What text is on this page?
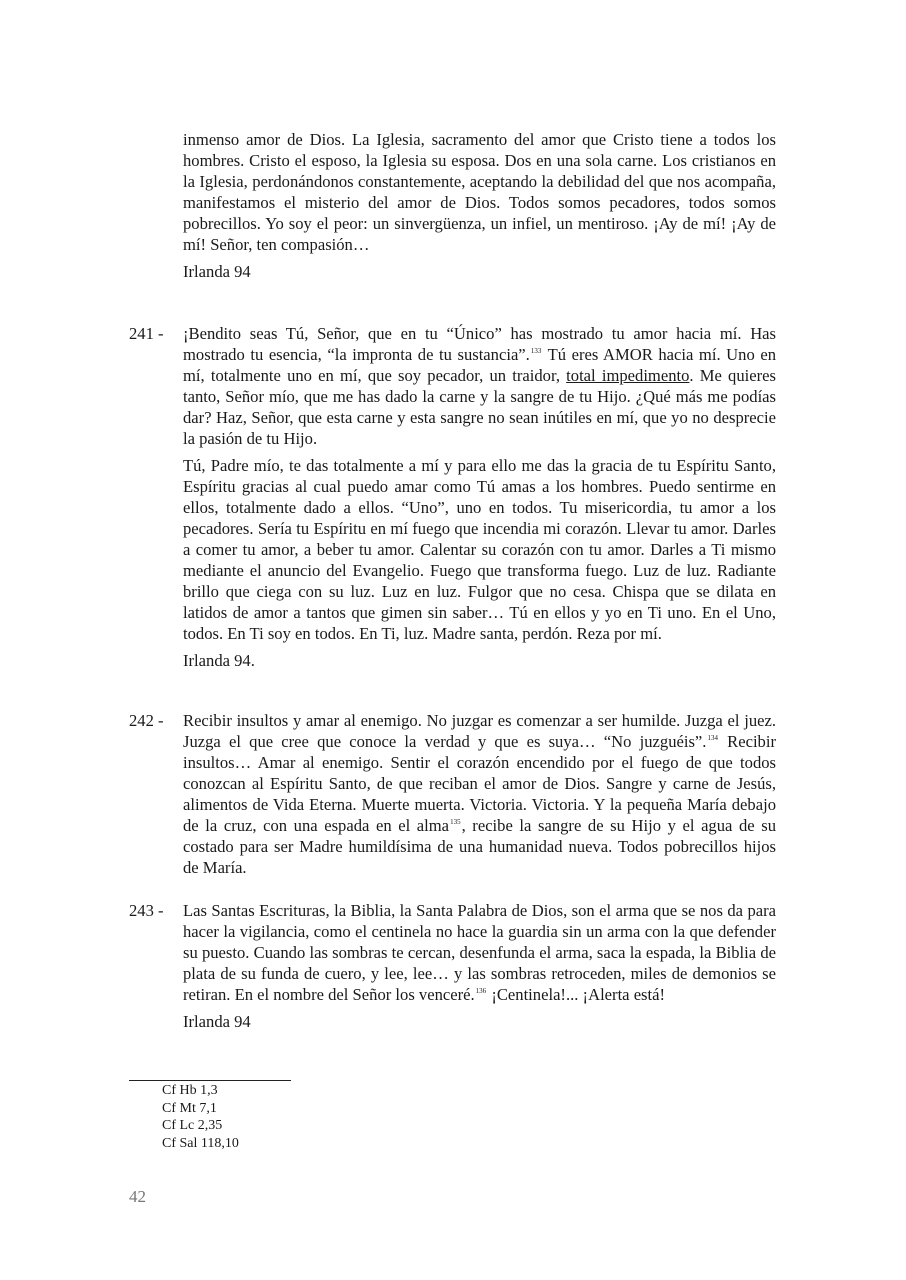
inmenso amor de Dios. La Iglesia, sacramento del amor que Cristo tiene a todos los hombres. Cristo el esposo, la Iglesia su esposa. Dos en una sola carne. Los cristianos en la Iglesia, perdonándonos constantemente, aceptando la debilidad del que nos acompaña, manifestamos el misterio del amor de Dios. Todos somos pecadores, todos somos pobrecillos. Yo soy el peor: un sinvergüenza, un infiel, un mentiroso. ¡Ay de mí! ¡Ay de mí! Señor, ten compasión…

Irlanda 94
241 - ¡Bendito seas Tú, Señor, que en tu “Único” has mostrado tu amor hacia mí. Has mostrado tu esencia, “la impronta de tu sustancia”.$^{133}$ Tú eres AMOR hacia mí. Uno en mí, totalmente uno en mí, que soy pecador, un traidor, total impedimento. Me quieres tanto, Señor mío, que me has dado la carne y la sangre de tu Hijo. ¿Qué más me podías dar? Haz, Señor, que esta carne y esta sangre no sean inútiles en mí, que yo no desprecie la pasión de tu Hijo.

Tú, Padre mío, te das totalmente a mí y para ello me das la gracia de tu Espíritu Santo, Espíritu gracias al cual puedo amar como Tú amas a los hombres. Puedo sentirme en ellos, totalmente dado a ellos. “Uno”, uno en todos. Tu misericordia, tu amor a los pecadores. Sería tu Espíritu en mí fuego que incendia mi corazón. Llevar tu amor. Darles a comer tu amor, a beber tu amor. Calentar su corazón con tu amor. Darles a Ti mismo mediante el anuncio del Evangelio. Fuego que transforma fuego. Luz de luz. Radiante brillo que ciega con su luz. Luz en luz. Fulgor que no cesa. Chispa que se dilata en latidos de amor a tantos que gimen sin saber… Tú en ellos y yo en Ti uno. En el Uno, todos. En Ti soy en todos. En Ti, luz. Madre santa, perdón. Reza por mí.

Irlanda 94.
242 - Recibir insultos y amar al enemigo. No juzgar es comenzar a ser humilde. Juzga el juez. Juzga el que cree que conoce la verdad y que es suya… “No juzguéis”.$^{134}$ Recibir insultos… Amar al enemigo. Sentir el corazón encendido por el fuego de que todos conozcan al Espíritu Santo, de que reciban el amor de Dios. Sangre y carne de Jesús, alimentos de Vida Eterna. Muerte muerta. Victoria. Victoria. Y la pequeña María debajo de la cruz, con una espada en el alma$^{135}$, recibe la sangre de su Hijo y el agua de su costado para ser Madre humildísima de una humanidad nueva. Todos pobrecillos hijos de María.

243 - Las Santas Escrituras, la Biblia, la Santa Palabra de Dios, son el arma que se nos da para hacer la vigilancia, como el centinela no hace la guardia sin un arma con la que defender su puesto. Cuando las sombras te cercan, desenfunda el arma, saca la espada, la Biblia de plata de su funda de cuero, y lee, lee… y las sombras retroceden, miles de demonios se retiran. En el nombre del Señor los venceré.$^{136}$ ¡Centinela!... ¡Alerta está!

Irlanda 94
Cf Hb 1,3
Cf Mt 7,1
Cf Lc 2,35
Cf Sal 118,10
42
